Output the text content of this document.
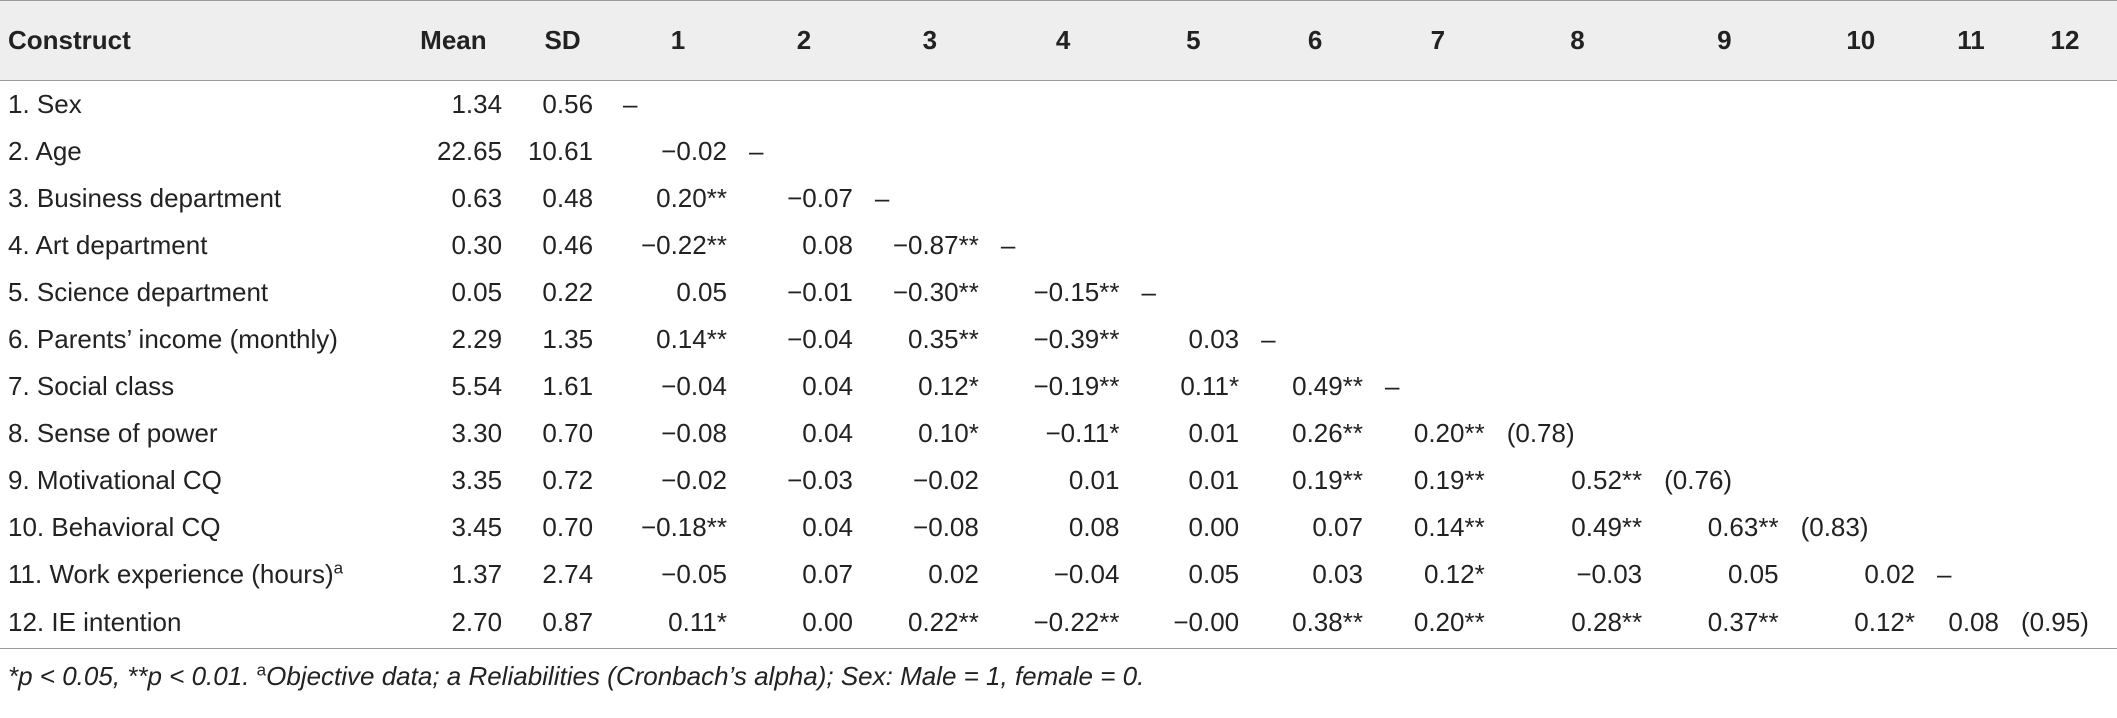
Construct	Mean	SD	1	2	3	4	5	6	7	8	9	10	11	12
1. Sex	1.34	0.56	–											
2. Age	22.65	10.61	−0.02	–										
3. Business department	0.63	0.48	0.20**	−0.07	–									
4. Art department	0.30	0.46	−0.22**	0.08	−0.87**	–								
5. Science department	0.05	0.22	0.05	−0.01	−0.30**	−0.15**	–							
6. Parents’ income (monthly)	2.29	1.35	0.14**	−0.04	0.35**	−0.39**	0.03	–						
7. Social class	5.54	1.61	−0.04	0.04	0.12*	−0.19**	0.11*	0.49**	–					
8. Sense of power	3.30	0.70	−0.08	0.04	0.10*	−0.11*	0.01	0.26**	0.20**	(0.78)				
9. Motivational CQ	3.35	0.72	−0.02	−0.03	−0.02	0.01	0.01	0.19**	0.19**	0.52**	(0.76)			
10. Behavioral CQ	3.45	0.70	−0.18**	0.04	−0.08	0.08	0.00	0.07	0.14**	0.49**	0.63**	(0.83)		
11. Work experience (hours)$^a$	1.37	2.74	−0.05	0.07	0.02	−0.04	0.05	0.03	0.12*	−0.03	0.05	0.02	–	
12. IE intention	2.70	0.87	0.11*	0.00	0.22**	−0.22**	−0.00	0.38**	0.20**	0.28**	0.37**	0.12*	0.08	(0.95)
*p < 0.05, **p < 0.01. $^a$Objective data; a Reliabilities (Cronbach’s alpha); Sex: Male = 1, female = 0.
